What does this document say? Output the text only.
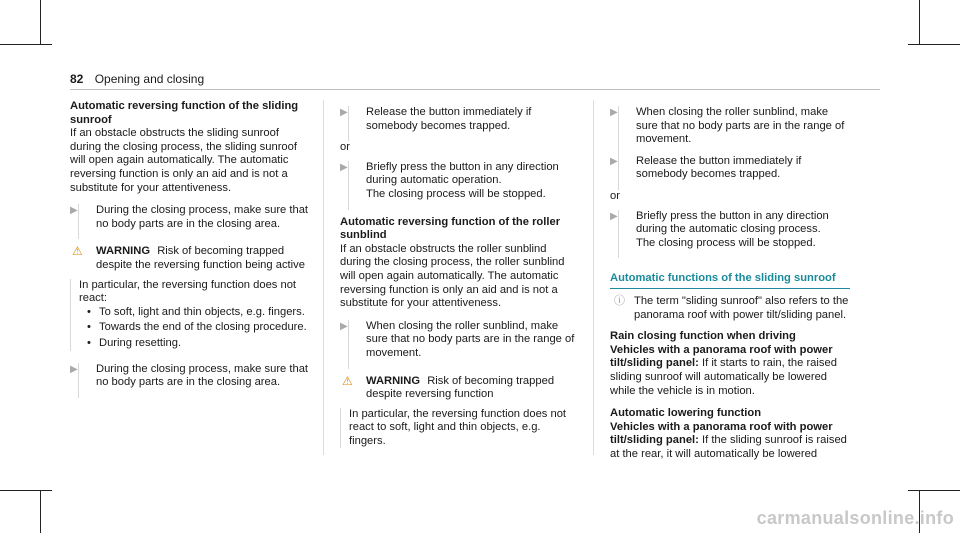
82 Opening and closing
Automatic reversing function of the sliding sunroof

If an obstacle obstructs the sliding sunroof during the closing process, the sliding sunroof will open again automatically. The automatic reversing function is only an aid and is not a substitute for your attentiveness.

▶ During the closing process, make sure that no body parts are in the closing area.
⚠ WARNING Risk of becoming trapped despite the reversing function being active

In particular, the reversing function does not react:

• To soft, light and thin objects, e.g. fingers.
• Towards the end of the closing procedure.
• During resetting.
▶ During the closing process, make sure that no body parts are in the closing area.
▶ Release the button immediately if somebody becomes trapped.

or

▶ Briefly press the button in any direction during automatic operation.
The closing process will be stopped.
Automatic reversing function of the roller sunblind

If an obstacle obstructs the roller sunblind during the closing process, the roller sunblind will open again automatically. The automatic reversing function is only an aid and is not a substitute for your attentiveness.

▶ When closing the roller sunblind, make sure that no body parts are in the range of movement.
⚠ WARNING Risk of becoming trapped despite reversing function

In particular, the reversing function does not react to soft, light and thin objects, e.g. fingers.

▶ When closing the roller sunblind, make sure that no body parts are in the range of movement.
▶ Release the button immediately if somebody becomes trapped.

or

▶ Briefly press the button in any direction during the automatic closing process.
The closing process will be stopped.
Automatic functions of the sliding sunroof
ⓘ The term "sliding sunroof" also refers to the panorama roof with power tilt/sliding panel.
Rain closing function when driving

Vehicles with a panorama roof with power tilt/sliding panel: If it starts to rain, the raised sliding sunroof will automatically be lowered while the vehicle is in motion.

Automatic lowering function

Vehicles with a panorama roof with power tilt/sliding panel: If the sliding sunroof is raised at the rear, it will automatically be lowered

carmanualsonline.info
